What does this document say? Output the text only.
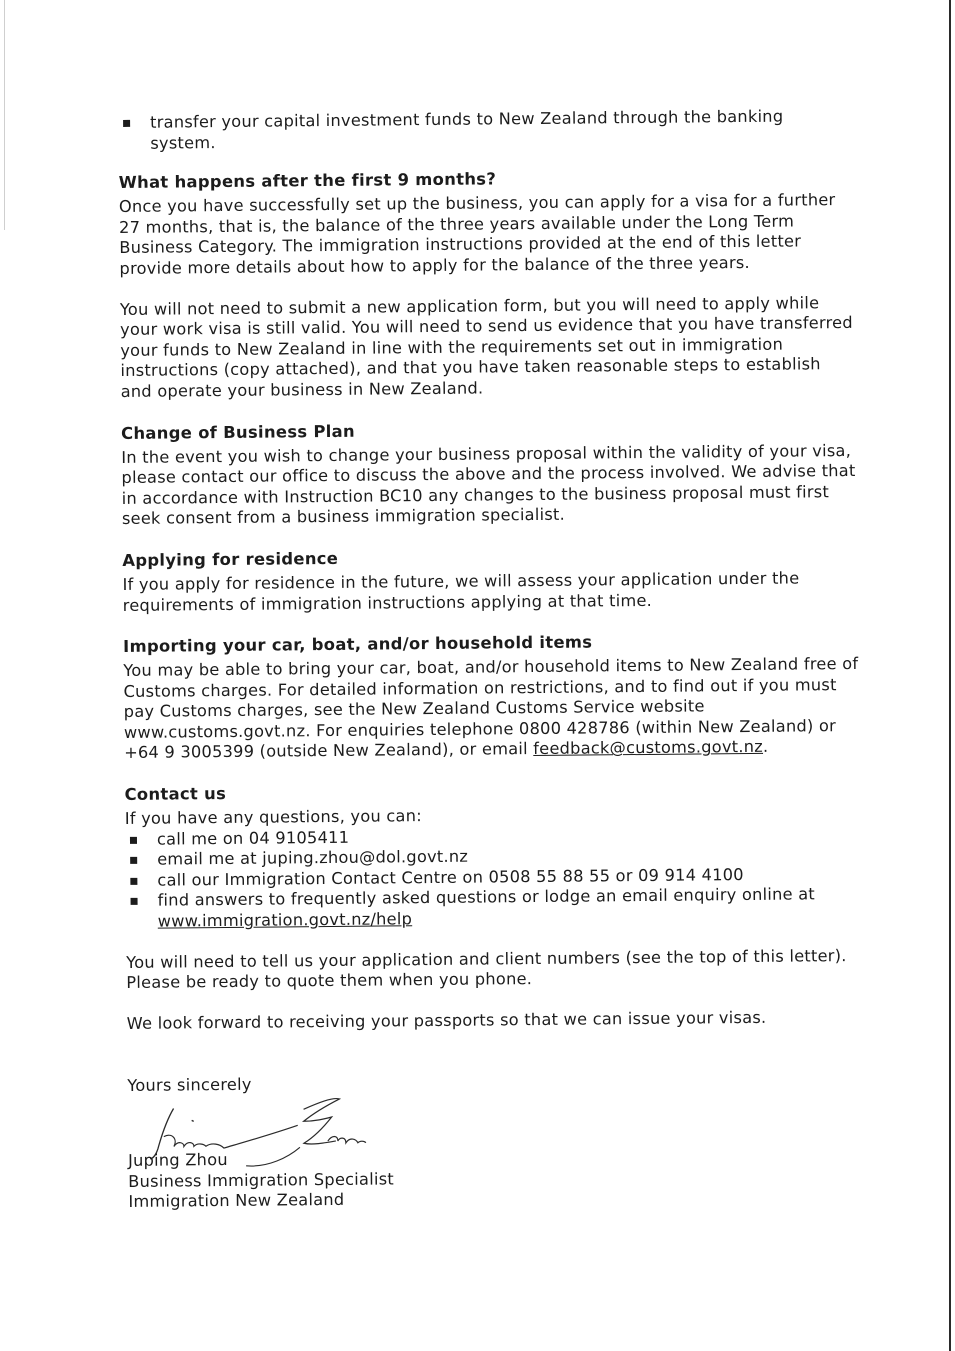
transfer your capital investment funds to New Zealand through the banking system.
What happens after the first 9 months?

Once you have successfully set up the business, you can apply for a visa for a further 27 months, that is, the balance of the three years available under the Long Term Business Category. The immigration instructions provided at the end of this letter provide more details about how to apply for the balance of the three years.

You will not need to submit a new application form, but you will need to apply while your work visa is still valid. You will need to send us evidence that you have transferred your funds to New Zealand in line with the requirements set out in immigration instructions (copy attached), and that you have taken reasonable steps to establish and operate your business in New Zealand.

Change of Business Plan

In the event you wish to change your business proposal within the validity of your visa, please contact our office to discuss the above and the process involved. We advise that in accordance with Instruction BC10 any changes to the business proposal must first seek consent from a business immigration specialist.

Applying for residence

If you apply for residence in the future, we will assess your application under the requirements of immigration instructions applying at that time.

Importing your car, boat, and/or household items

You may be able to bring your car, boat, and/or household items to New Zealand free of Customs charges. For detailed information on restrictions, and to find out if you must pay Customs charges, see the New Zealand Customs Service website www.customs.govt.nz. For enquiries telephone 0800 428786 (within New Zealand) or +64 9 3005399 (outside New Zealand), or email feedback@customs.govt.nz.

Contact us

If you have any questions, you can:

call me on 04 9105411
email me at juping.zhou@dol.govt.nz
call our Immigration Contact Centre on 0508 55 88 55 or 09 914 4100
find answers to frequently asked questions or lodge an email enquiry online at www.immigration.govt.nz/help

You will need to tell us your application and client numbers (see the top of this letter). Please be ready to quote them when you phone.

We look forward to receiving your passports so that we can issue your visas.

Yours sincerely

Juping Zhou

Business Immigration Specialist

Immigration New Zealand
